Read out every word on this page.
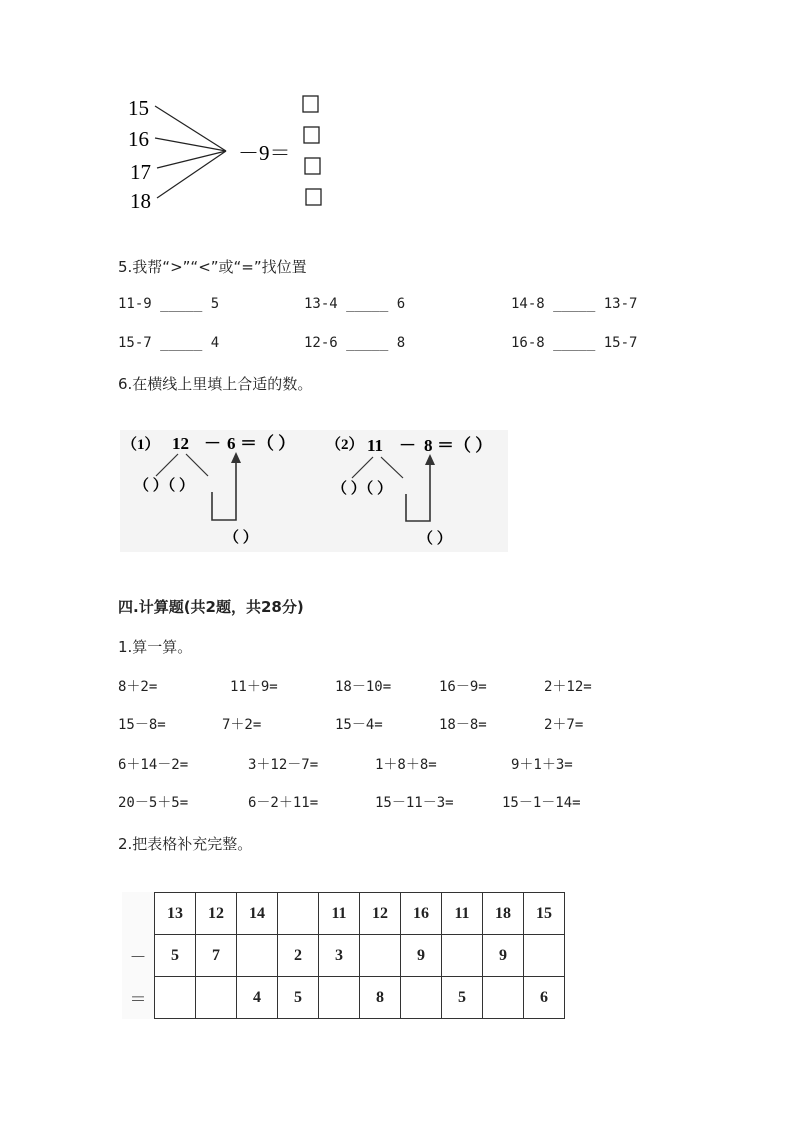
15
16
17
18
－9＝
5.我帮“>”“<”或“=”找位置
11-9 _____ 5	13-4 _____ 6	14-8 _____ 13-7
15-7 _____ 4	12-6 _____ 8	16-8 _____ 15-7
6.在横线上里填上合适的数。
（1） 12 － 6 ＝（ ）
（ ）（ ）
（ ）
（2） 11 － 8 ＝（ ）
（ ）（ ）
（ ）
四.计算题(共2题，共28分)
1.算一算。
8＋2=	11＋9=	18－10=	16－9=	2＋12=
15－8=	7＋2=	15－4=	18－8=	2＋7=
6＋14－2=	3＋12－7=	1＋8＋8=	9＋1＋3=
20－5＋5=	6－2＋11=	15－11－3=	15－1－14=
2.把表格补充完整。
	13	12	14		11	12	16	11	18	15
－	5	7		2	3		9		9	
＝			4	5		8		5		6
